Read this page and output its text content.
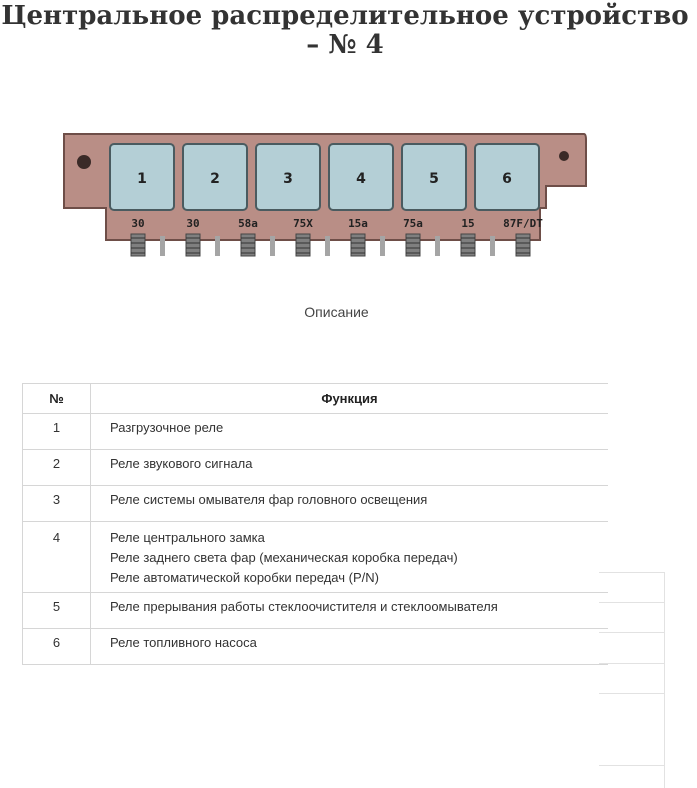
Центральное распределительное устройство – № 4
1	2	3	4	5	6
30	30	58a	75X	15a	75a	15	87F/DT
Описание
№	Функция
1	Разгрузочное реле

2	Реле звукового сигнала

3	Реле системы омывателя фар головного освещения

4	Реле центрального замка
Реле заднего света фар (механическая коробка передач)
Реле автоматической коробки передач (P/N)

5	Реле прерывания работы стеклоочистителя и стеклоомывателя

6	Реле топливного насоса
